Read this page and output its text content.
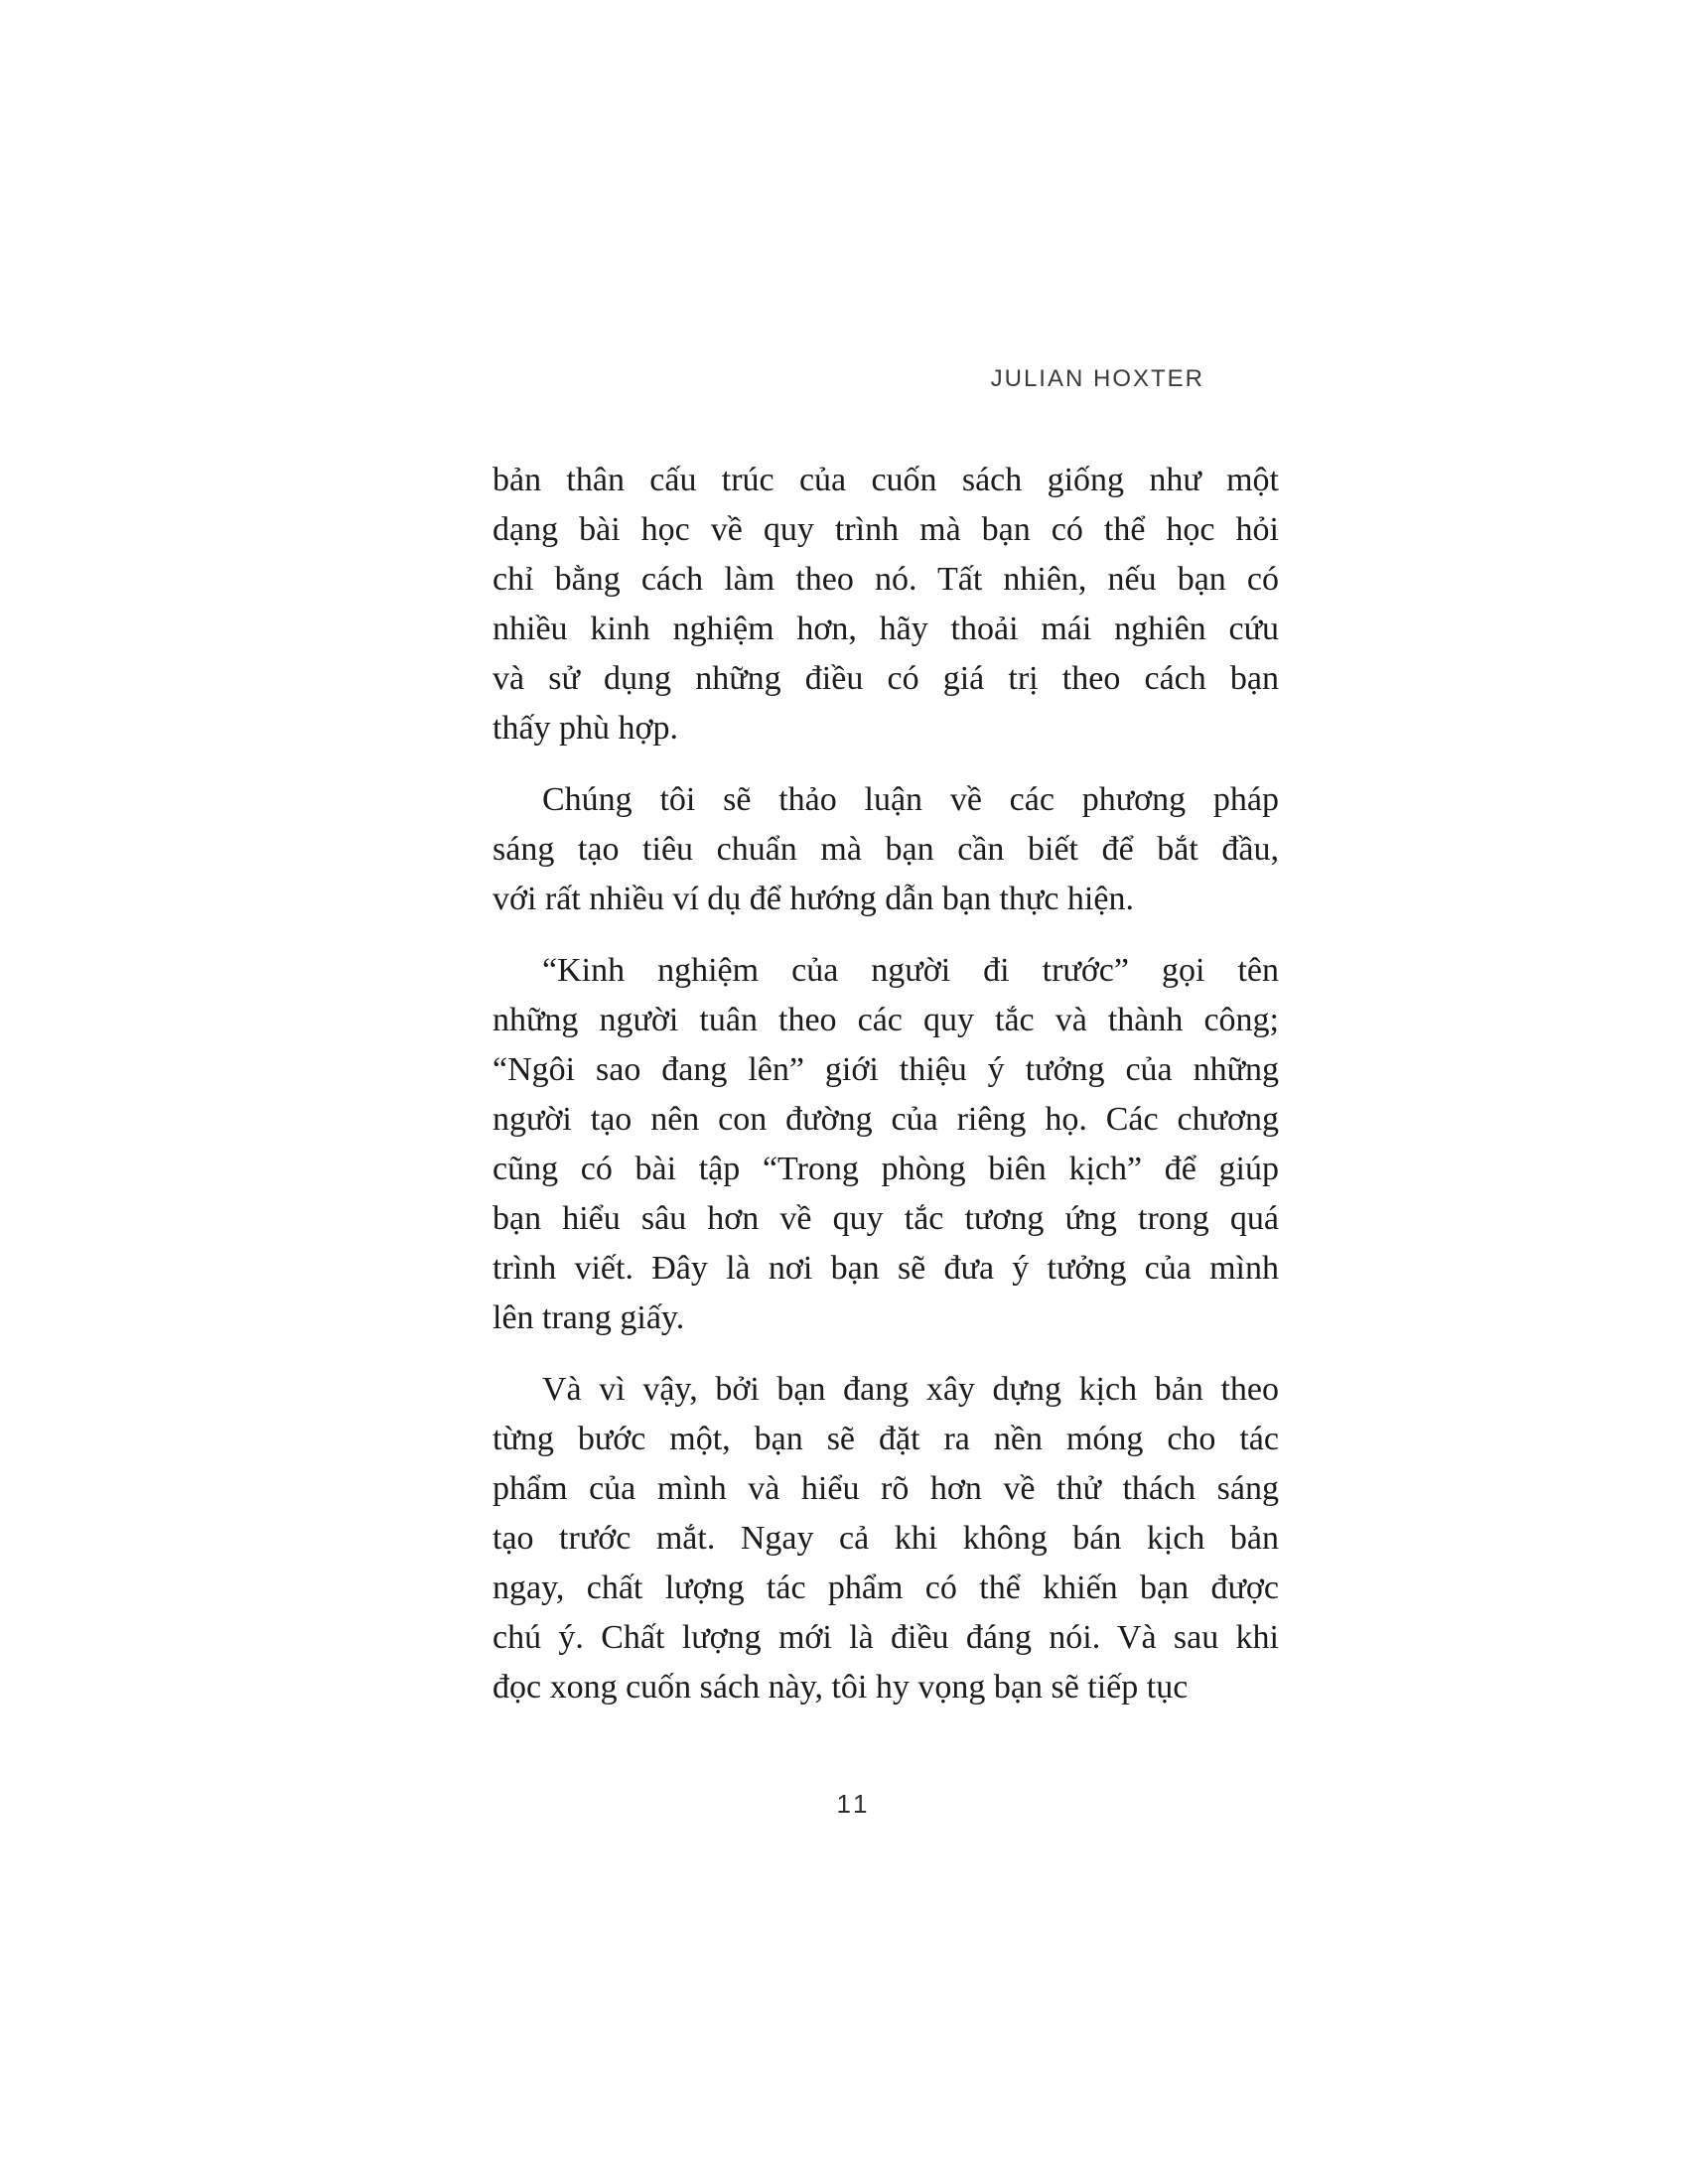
JULIAN HOXTER
bản thân cấu trúc của cuốn sách giống như một
dạng bài học về quy trình mà bạn có thể học hỏi
chỉ bằng cách làm theo nó. Tất nhiên, nếu bạn có
nhiều kinh nghiệm hơn, hãy thoải mái nghiên cứu
và sử dụng những điều có giá trị theo cách bạn
thấy phù hợp.
Chúng tôi sẽ thảo luận về các phương pháp
sáng tạo tiêu chuẩn mà bạn cần biết để bắt đầu,
với rất nhiều ví dụ để hướng dẫn bạn thực hiện.
“Kinh nghiệm của người đi trước” gọi tên
những người tuân theo các quy tắc và thành công;
“Ngôi sao đang lên” giới thiệu ý tưởng của những
người tạo nên con đường của riêng họ. Các chương
cũng có bài tập “Trong phòng biên kịch” để giúp
bạn hiểu sâu hơn về quy tắc tương ứng trong quá
trình viết. Đây là nơi bạn sẽ đưa ý tưởng của mình
lên trang giấy.
Và vì vậy, bởi bạn đang xây dựng kịch bản theo
từng bước một, bạn sẽ đặt ra nền móng cho tác
phẩm của mình và hiểu rõ hơn về thử thách sáng
tạo trước mắt. Ngay cả khi không bán kịch bản
ngay, chất lượng tác phẩm có thể khiến bạn được
chú ý. Chất lượng mới là điều đáng nói. Và sau khi
đọc xong cuốn sách này, tôi hy vọng bạn sẽ tiếp tục
11
